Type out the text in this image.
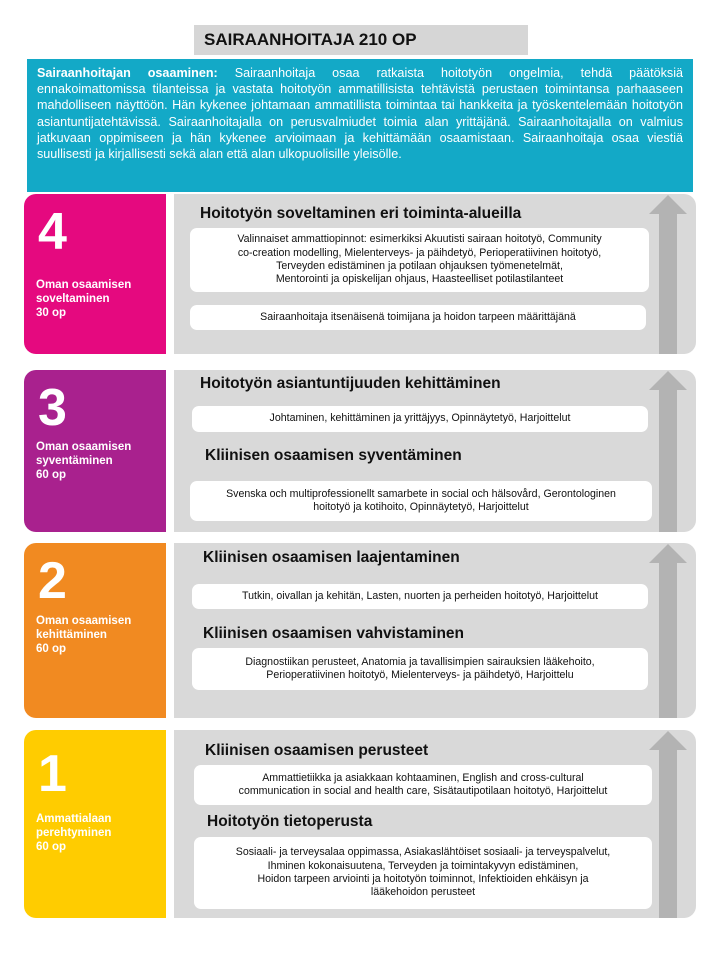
SAIRAANHOITAJA 210 OP
Sairaanhoitajan osaaminen: Sairaanhoitaja osaa ratkaista hoitotyön ongelmia, tehdä päätöksiä ennakoimattomissa tilanteissa ja vastata hoitotyön ammatillisista tehtävistä perustaen toimintansa parhaaseen mahdolliseen näyttöön. Hän kykenee johtamaan ammatillista toimintaa tai hankkeita ja työskentelemään hoitotyön asiantuntijatehtävissä. Sairaanhoitajalla on perusvalmiudet toimia alan yrittäjänä. Sairaanhoitajalla on valmius jatkuvaan oppimiseen ja hän kykenee arvioimaan ja kehittämään osaamistaan. Sairaanhoitaja osaa viestiä suullisesti ja kirjallisesti sekä alan että alan ulkopuolisille yleisölle.
4
Oman osaamisen
soveltaminen
30 op
Hoitotyön soveltaminen eri toiminta-alueilla
Valinnaiset ammattiopinnot: esimerkiksi Akuutisti sairaan hoitotyö, Community
co-creation modelling, Mielenterveys- ja päihdetyö, Perioperatiivinen hoitotyö,
Terveyden edistäminen ja potilaan ohjauksen työmenetelmät,
Mentorointi ja opiskelijan ohjaus, Haasteelliset potilastilanteet
Sairaanhoitaja itsenäisenä toimijana ja hoidon tarpeen määrittäjänä
3
Oman osaamisen
syventäminen
60 op
Hoitotyön asiantuntijuuden kehittäminen
Johtaminen, kehittäminen ja yrittäjyys, Opinnäytetyö, Harjoittelut
Kliinisen osaamisen syventäminen
Svenska och multiprofessionellt samarbete in social och hälsovård, Gerontologinen
hoitotyö ja kotihoito, Opinnäytetyö, Harjoittelut
2
Oman osaamisen
kehittäminen
60 op
Kliinisen osaamisen laajentaminen
Tutkin, oivallan ja kehitän, Lasten, nuorten ja perheiden hoitotyö, Harjoittelut
Kliinisen osaamisen vahvistaminen
Diagnostiikan perusteet, Anatomia ja tavallisimpien sairauksien lääkehoito,
Perioperatiivinen hoitotyö, Mielenterveys- ja päihdetyö, Harjoittelu
1
Ammattialaan
perehtyminen
60 op
Kliinisen osaamisen perusteet
Ammattietiikka ja asiakkaan kohtaaminen, English and cross-cultural
communication in social and health care, Sisätautipotilaan hoitotyö, Harjoittelut
Hoitotyön tietoperusta
Sosiaali- ja terveysalaa oppimassa, Asiakaslähtöiset sosiaali- ja terveyspalvelut,
Ihminen kokonaisuutena, Terveyden ja toimintakyvyn edistäminen,
Hoidon tarpeen arviointi ja hoitotyön toiminnot, Infektioiden ehkäisyn ja
lääkehoidon perusteet
